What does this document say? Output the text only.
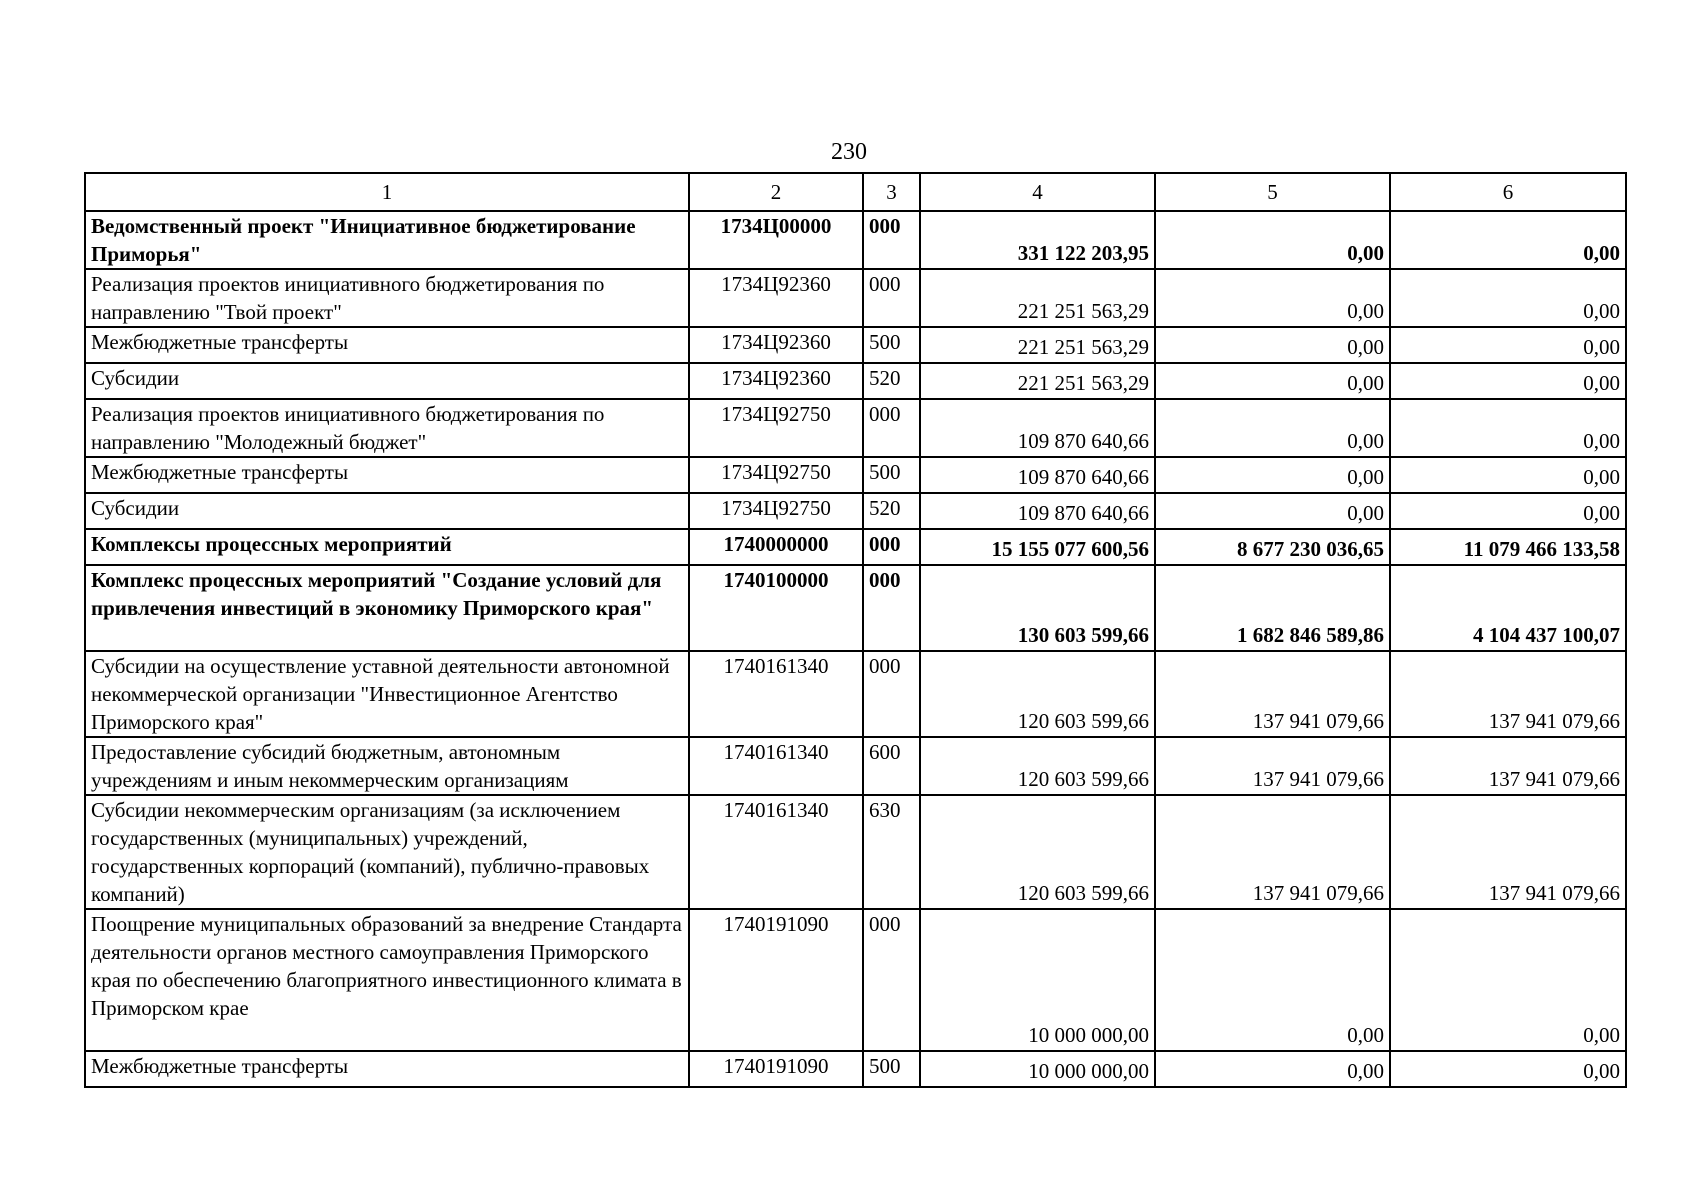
230
1	2	3	4	5	6
Ведомственный проект "Инициативное бюджетирование Приморья"	1734Ц00000	000	331 122 203,95	0,00	0,00
Реализация проектов инициативного бюджетирования по направлению "Твой проект"	1734Ц92360	000	221 251 563,29	0,00	0,00
Межбюджетные трансферты	1734Ц92360	500	221 251 563,29	0,00	0,00
Субсидии	1734Ц92360	520	221 251 563,29	0,00	0,00
Реализация проектов инициативного бюджетирования по направлению "Молодежный бюджет"	1734Ц92750	000	109 870 640,66	0,00	0,00
Межбюджетные трансферты	1734Ц92750	500	109 870 640,66	0,00	0,00
Субсидии	1734Ц92750	520	109 870 640,66	0,00	0,00
Комплексы процессных мероприятий	1740000000	000	15 155 077 600,56	8 677 230 036,65	11 079 466 133,58
Комплекс процессных мероприятий "Создание условий для привлечения инвестиций в экономику Приморского края"	1740100000	000	130 603 599,66	1 682 846 589,86	4 104 437 100,07
Субсидии на осуществление уставной деятельности автономной некоммерческой организации "Инвестиционное Агентство Приморского края"	1740161340	000	120 603 599,66	137 941 079,66	137 941 079,66
Предоставление субсидий бюджетным, автономным учреждениям и иным некоммерческим организациям	1740161340	600	120 603 599,66	137 941 079,66	137 941 079,66
Субсидии некоммерческим организациям (за исключением государственных (муниципальных) учреждений, государственных корпораций (компаний), публично-правовых компаний)	1740161340	630	120 603 599,66	137 941 079,66	137 941 079,66
Поощрение муниципальных образований за внедрение Стандарта деятельности органов местного самоуправления Приморского края по обеспечению благоприятного инвестиционного климата в Приморском крае	1740191090	000	10 000 000,00	0,00	0,00
Межбюджетные трансферты	1740191090	500	10 000 000,00	0,00	0,00
